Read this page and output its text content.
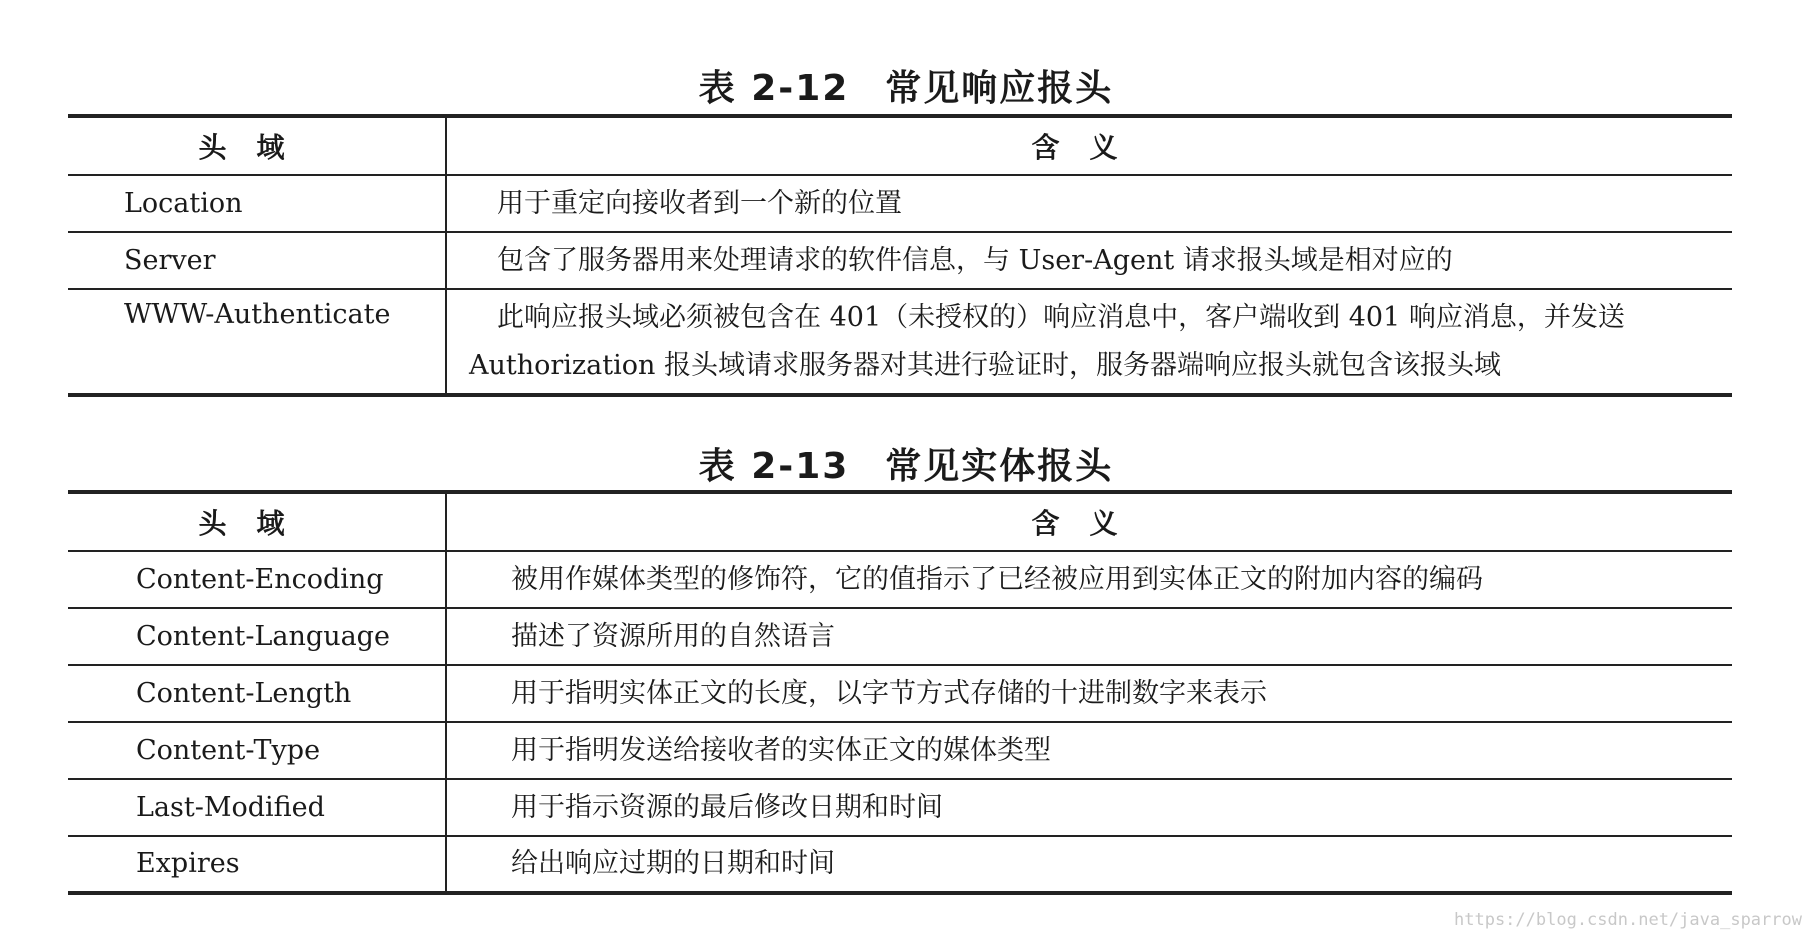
表 2-12 常见响应报头
头域	含义
Location	用于重定向接收者到一个新的位置
Server	包含了服务器用来处理请求的软件信息，与 User-Agent 请求报头域是相对应的
WWW-Authenticate	此响应报头域必须被包含在 401（未授权的）响应消息中，客户端收到 401 响应消息，并发送 Authorization 报头域请求服务器对其进行验证时，服务器端响应报头就包含该报头域
表 2-13 常见实体报头
头域	含义
Content-Encoding	被用作媒体类型的修饰符，它的值指示了已经被应用到实体正文的附加内容的编码
Content-Language	描述了资源所用的自然语言
Content-Length	用于指明实体正文的长度，以字节方式存储的十进制数字来表示
Content-Type	用于指明发送给接收者的实体正文的媒体类型
Last-Modified	用于指示资源的最后修改日期和时间
Expires	给出响应过期的日期和时间
https://blog.csdn.net/java_sparrow
